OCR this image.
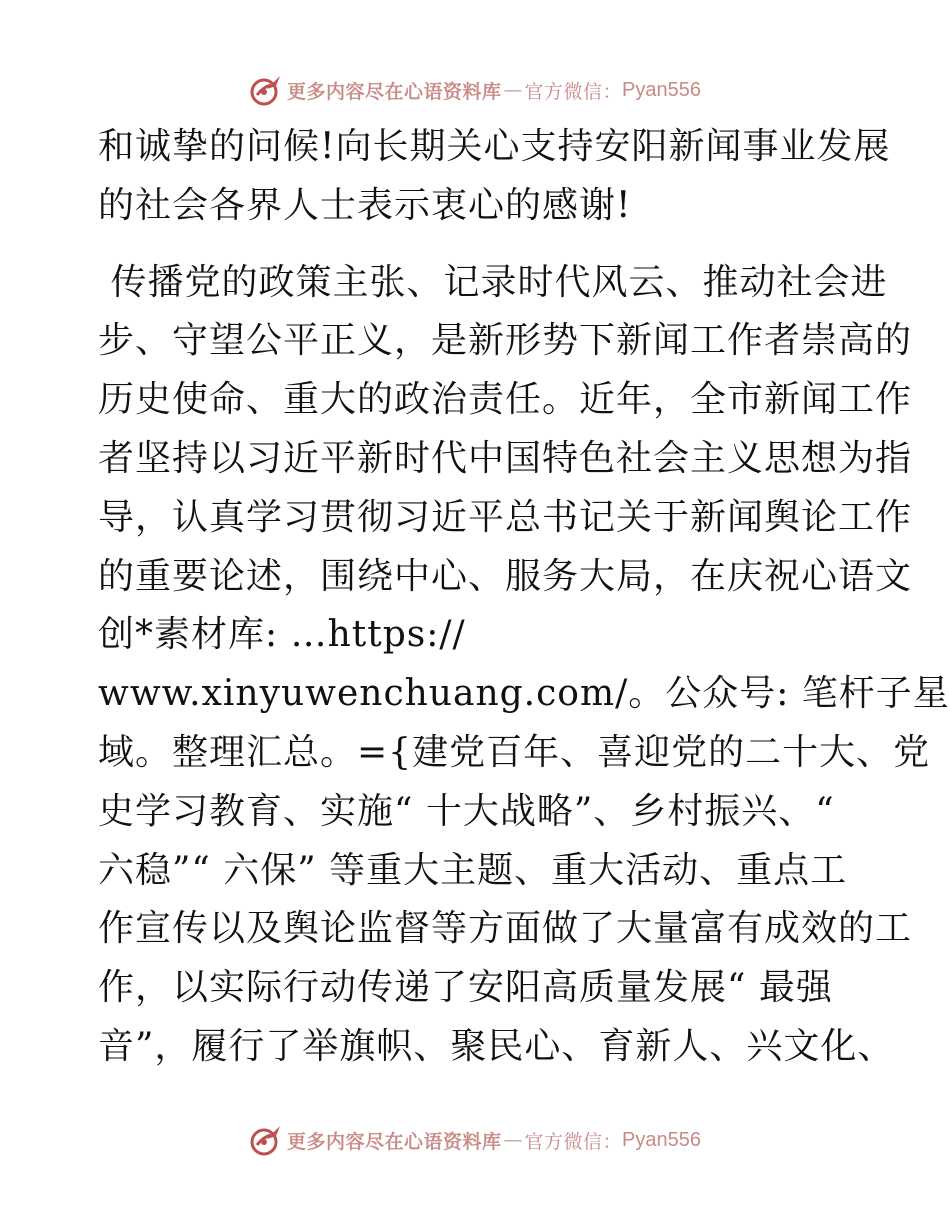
更多内容尽在心语资料库 — 官方微信： Pyan556
和诚挚的问候!向长期关心支持安阳新闻事业发展
的社会各界人士表示衷心的感谢!
传播党的政策主张、记录时代风云、推动社会进
步、守望公平正义，是新形势下新闻工作者崇高的
历史使命、重大的政治责任。近年，全市新闻工作
者坚持以习近平新时代中国特色社会主义思想为指
导，认真学习贯彻习近平总书记关于新闻舆论工作
的重要论述，围绕中心、服务大局，在庆祝心语文
创*素材库: …https://
www.xinyuwenchuang.com/。公众号: 笔杆子星
域。整理汇总。={建党百年、喜迎党的二十大、党
史学习教育、实施“ 十大战略”、乡村振兴、“
六稳”“ 六保” 等重大主题、重大活动、重点工
作宣传以及舆论监督等方面做了大量富有成效的工
作，以实际行动传递了安阳高质量发展“ 最强
音”，履行了举旗帜、聚民心、育新人、兴文化、
更多内容尽在心语资料库 — 官方微信： Pyan556
